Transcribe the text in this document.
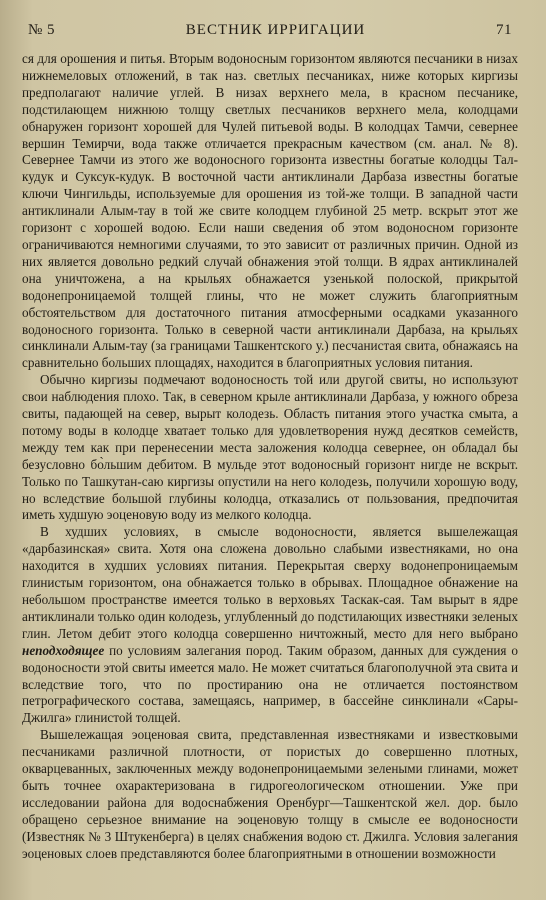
№ 5	ВЕСТНИК ИРРИГАЦИИ	71

ся для орошения и питья. Вторым водоносным горизонтом являются песчаники в низах нижнемеловых отложений, в так наз. светлых песчаниках, ниже которых киргизы предполагают наличие углей. В низах верхнего мела, в красном песчанике, подстилающем нижнюю толщу светлых песчаников верхнего мела, колодцами обнаружен горизонт хорошей для Чулей питьевой воды. В колодцах Тамчи, севернее вершин Темирчи, вода также отличается прекрасным качеством (см. анал. № 8). Севернее Тамчи из этого же водоносного горизонта известны богатые колодцы Тал-кудук и Суксук-кудук. В восточной части антиклинали Дарбаза известны богатые ключи Чингильды, используемые для орошения из той-же толщи. В западной части антиклинали Алым-тау в той же свите колодцем глубиной 25 метр. вскрыт этот же горизонт с хорошей водою. Если наши сведения об этом водоносном горизонте ограничиваются немногими случаями, то это зависит от различных причин. Одной из них является довольно редкий случай обнажения этой толщи. В ядрах антиклиналей она уничтожена, а на крыльях обнажается узенькой полоской, прикрытой водонепроницаемой толщей глины, что не может служить благоприятным обстоятельством для достаточного питания атмосферными осадками указанного водоносного горизонта. Только в северной части антиклинали Дарбаза, на крыльях синклинали Алым-тау (за границами Ташкентского у.) песчанистая свита, обнажаясь на сравнительно больших площадях, находится в благоприятных условия питания.

Обычно киргизы подмечают водоносность той или другой свиты, но используют свои наблюдения плохо. Так, в северном крыле антиклинали Дарбаза, у южного обреза свиты, падающей на север, вырыт колодезь. Область питания этого участка смыта, а потому воды в колодце хватает только для удовлетворения нужд десятков семейств, между тем как при перенесении места заложения колодца севернее, он обладал бы безусловно бо̀льшим дебитом. В мульде этот водоносный горизонт нигде не вскрыт. Только по Ташкутан-саю киргизы опустили на него колодезь, получили хорошую воду, но вследствие большой глубины колодца, отказались от пользования, предпочитая иметь худшую эоценовую воду из мелкого колодца.

В худших условиях, в смысле водоносности, является вышележащая «дарбазинская» свита. Хотя она сложена довольно слабыми известняками, но она находится в худших условиях питания. Перекрытая сверху водонепроницаемым глинистым горизонтом, она обнажается только в обрывах. Площадное обнажение на небольшом пространстве имеется только в верховьях Таскак-сая. Там вырыт в ядре антиклинали только один колодезь, углубленный до подстилающих известняки зеленых глин. Летом дебит этого колодца совершенно ничтожный, место для него выбрано неподходящее по условиям залегания пород. Таким образом, данных для суждения о водоносности этой свиты имеется мало. Не может считаться благополучной эта свита и вследствие того, что по простиранию она не отличается постоянством петрографического состава, замещаясь, например, в бассейне синклинали «Сары-Джилга» глинистой толщей.

Вышележащая эоценовая свита, представленная известняками и известковыми песчаниками различной плотности, от пористых до совершенно плотных, окварцеванных, заключенных между водонепроницаемыми зелеными глинами, может быть точнее охарактеризована в гидрогеологическом отношении. Уже при исследовании района для водоснабжения Оренбург—Ташкентской жел. дор. было обращено серьезное внимание на эоценовую толщу в смысле ее водоносности (Известняк № 3 Штукенберга) в целях снабжения водою ст. Джилга. Условия залегания эоценовых слоев представляются более благоприятными в отношении возможности
